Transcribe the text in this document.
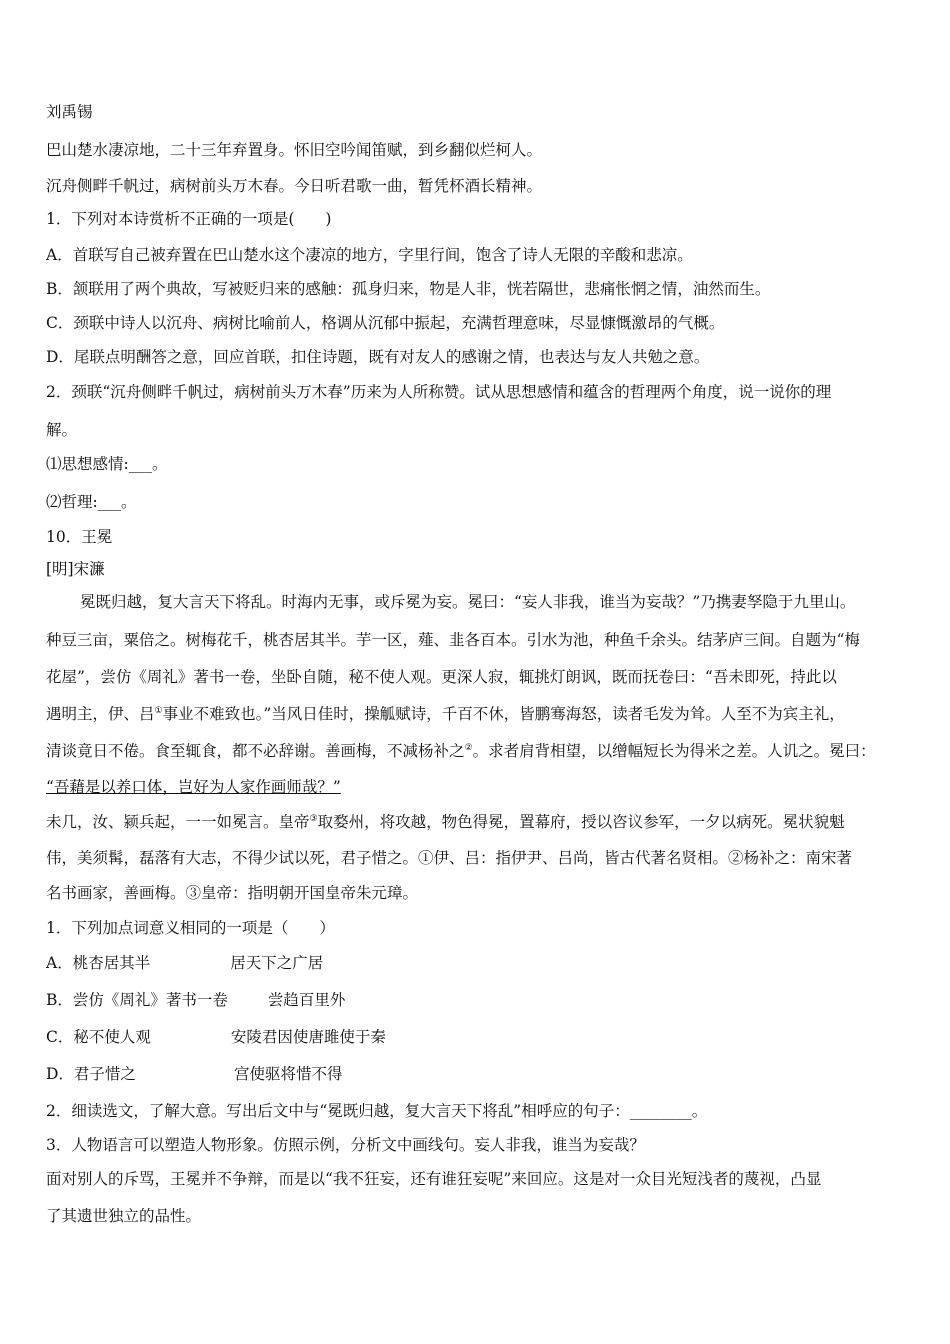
刘禹锡
巴山楚水凄凉地，二十三年弃置身。怀旧空吟闻笛赋，到乡翻似烂柯人。
沉舟侧畔千帆过，病树前头万木春。今日听君歌一曲，暂凭杯酒长精神。
1．下列对本诗赏析不正确的一项是(　　)
A．首联写自己被弃置在巴山楚水这个凄凉的地方，字里行间，饱含了诗人无限的辛酸和悲凉。
B．颔联用了两个典故，写被贬归来的感触：孤身归来，物是人非，恍若隔世，悲痛怅惘之情，油然而生。
C．颈联中诗人以沉舟、病树比喻前人，格调从沉郁中振起，充满哲理意味，尽显慷慨激昂的气概。
D．尾联点明酬答之意，回应首联，扣住诗题，既有对友人的感谢之情，也表达与友人共勉之意。
2．颈联“沉舟侧畔千帆过，病树前头万木春”历来为人所称赞。试从思想感情和蕴含的哲理两个角度，说一说你的理
解。
⑴思想感情:___。
⑵哲理:___。
10．王冕
[明]宋濂
冕既归越，复大言天下将乱。时海内无事，或斥冕为妄。冕曰：“妄人非我，谁当为妄哉？”乃携妻孥隐于九里山。
种豆三亩，粟倍之。树梅花千，桃杏居其半。芋一区，薤、韭各百本。引水为池，种鱼千余头。结茅庐三间。自题为“梅
花屋”，尝仿《周礼》著书一卷，坐卧自随，秘不使人观。更深人寂，辄挑灯朗讽，既而抚卷曰：“吾未即死，持此以
遇明主，伊、吕①事业不难致也。”当风日佳时，操觚赋诗，千百不休，皆鹏骞海怒，读者毛发为耸。人至不为宾主礼，
清谈竟日不倦。食至辄食，都不必辞谢。善画梅，不减杨补之②。求者肩背相望，以缯幅短长为得米之差。人讥之。冕曰：
“吾藉是以养口体，岂好为人家作画师哉？”
未几，汝、颍兵起，一一如冕言。皇帝③取婺州，将攻越，物色得冕，置幕府，授以咨议参军，一夕以病死。冕状貌魁
伟，美须髯，磊落有大志，不得少试以死，君子惜之。①伊、吕：指伊尹、吕尚，皆古代著名贤相。②杨补之：南宋著
名书画家，善画梅。③皇帝：指明朝开国皇帝朱元璋。
1．下列加点词意义相同的一项是（　　）
A．桃杏居其半	居天下之广居
B．尝仿《周礼》著书一卷	尝趋百里外
C．秘不使人观	安陵君因使唐雎使于秦
D．君子惜之	宫使驱将惜不得
2．细读选文，了解大意。写出后文中与“冕既归越，复大言天下将乱”相呼应的句子：________。
3．人物语言可以塑造人物形象。仿照示例，分析文中画线句。妄人非我，谁当为妄哉？
面对别人的斥骂，王冕并不争辩，而是以“我不狂妄，还有谁狂妄呢”来回应。这是对一众目光短浅者的蔑视，凸显
了其遗世独立的品性。
